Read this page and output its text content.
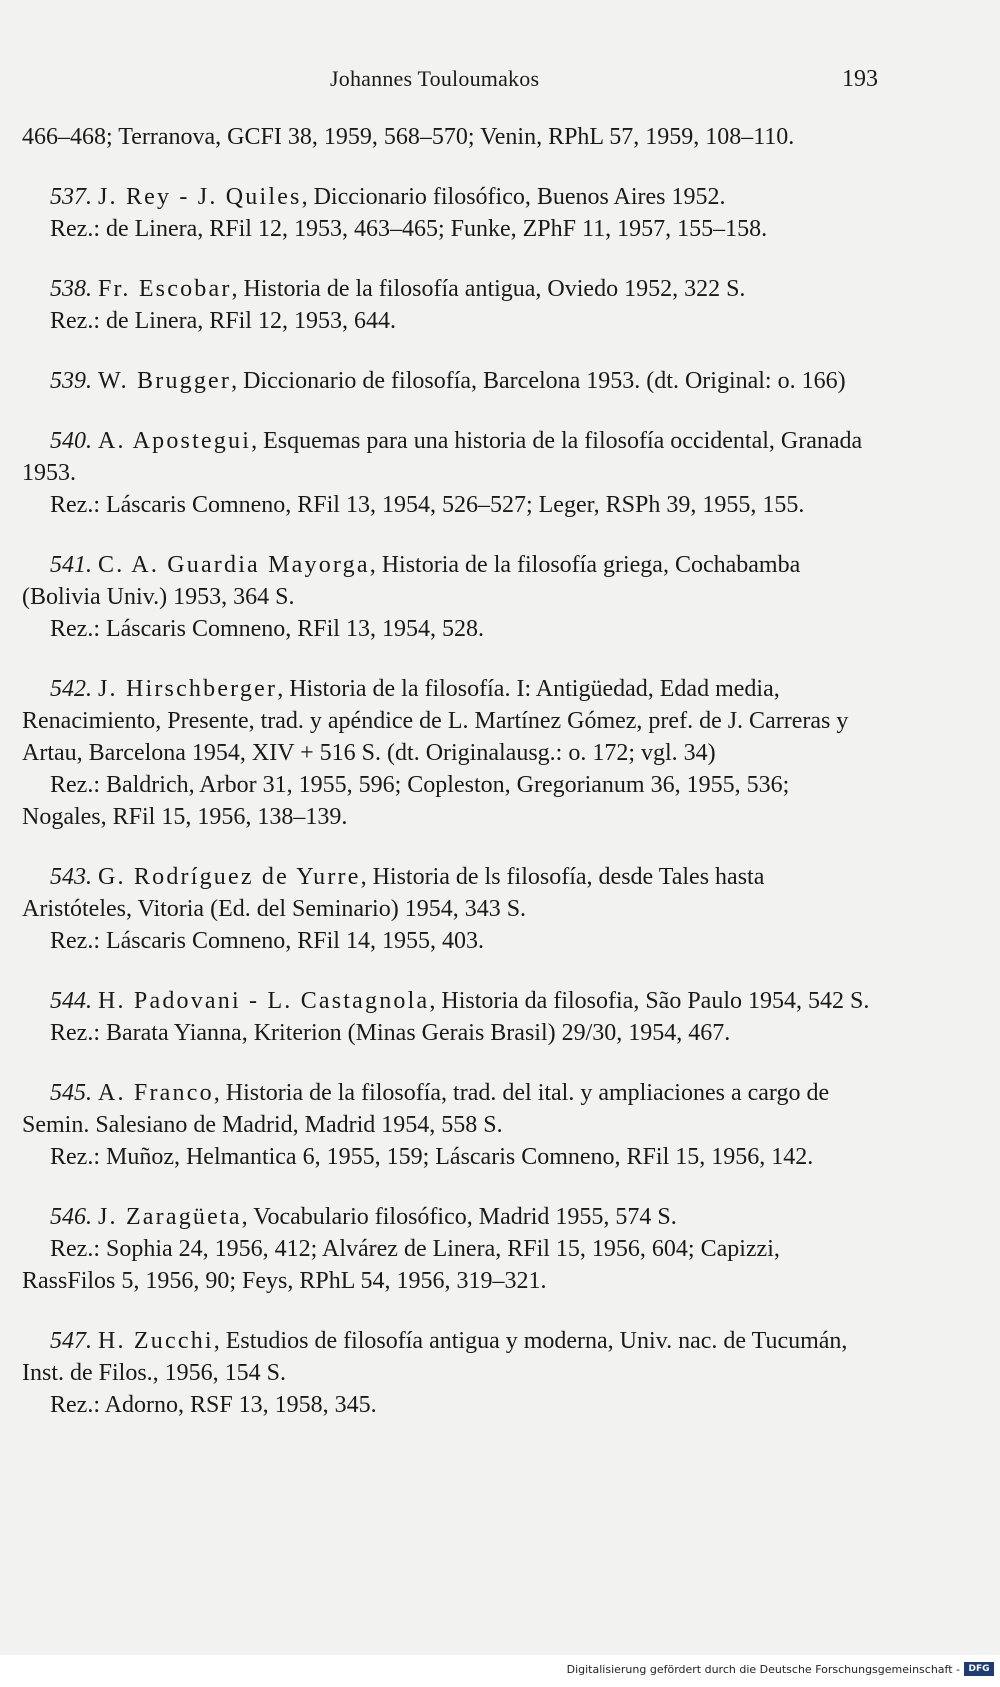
Johannes Touloumakos	193

466–468; Terranova, GCFI 38, 1959, 568–570; Venin, RPhL 57, 1959, 108–110.

537. J. Rey - J. Quiles, Diccionario filosófico, Buenos Aires 1952.

Rez.: de Linera, RFil 12, 1953, 463–465; Funke, ZPhF 11, 1957, 155–158.

538. Fr. Escobar, Historia de la filosofía antigua, Oviedo 1952, 322 S.

Rez.: de Linera, RFil 12, 1953, 644.

539. W. Brugger, Diccionario de filosofía, Barcelona 1953. (dt. Original: o. 166)

540. A. Apostegui, Esquemas para una historia de la filosofía occidental, Granada 1953.

Rez.: Láscaris Comneno, RFil 13, 1954, 526–527; Leger, RSPh 39, 1955, 155.

541. C. A. Guardia Mayorga, Historia de la filosofía griega, Cochabamba (Bolivia Univ.) 1953, 364 S.

Rez.: Láscaris Comneno, RFil 13, 1954, 528.

542. J. Hirschberger, Historia de la filosofía. I: Antigüedad, Edad media, Renacimiento, Presente, trad. y apéndice de L. Martínez Gómez, pref. de J. Carreras y Artau, Barcelona 1954, XIV + 516 S. (dt. Originalausg.: o. 172; vgl. 34)

Rez.: Baldrich, Arbor 31, 1955, 596; Copleston, Gregorianum 36, 1955, 536; Nogales, RFil 15, 1956, 138–139.

543. G. Rodríguez de Yurre, Historia de ls filosofía, desde Tales hasta Aristóteles, Vitoria (Ed. del Seminario) 1954, 343 S.

Rez.: Láscaris Comneno, RFil 14, 1955, 403.

544. H. Padovani - L. Castagnola, Historia da filosofia, São Paulo 1954, 542 S.

Rez.: Barata Yianna, Kriterion (Minas Gerais Brasil) 29/30, 1954, 467.

545. A. Franco, Historia de la filosofía, trad. del ital. y ampliaciones a cargo de Semin. Salesiano de Madrid, Madrid 1954, 558 S.

Rez.: Muñoz, Helmantica 6, 1955, 159; Láscaris Comneno, RFil 15, 1956, 142.

546. J. Zaragüeta, Vocabulario filosófico, Madrid 1955, 574 S.

Rez.: Sophia 24, 1956, 412; Alvárez de Linera, RFil 15, 1956, 604; Capizzi, RassFilos 5, 1956, 90; Feys, RPhL 54, 1956, 319–321.

547. H. Zucchi, Estudios de filosofía antigua y moderna, Univ. nac. de Tucumán, Inst. de Filos., 1956, 154 S.

Rez.: Adorno, RSF 13, 1958, 345.

Digitalisierung gefördert durch die Deutsche Forschungsgemeinschaft - DFG
